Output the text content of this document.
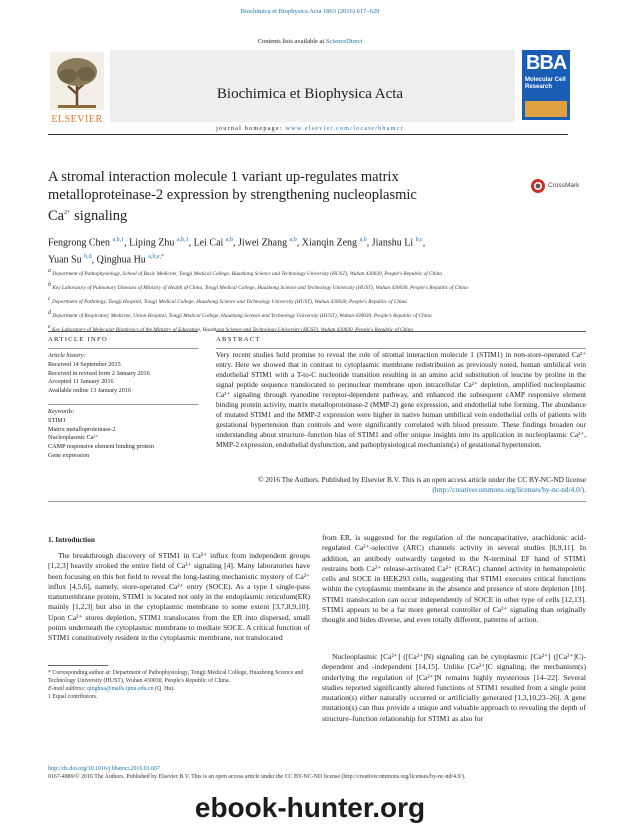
Biochimica et Biophysica Acta 1863 (2016) 617–629
Contents lists available at ScienceDirect
Biochimica et Biophysica Acta
journal homepage: www.elsevier.com/locate/bbamcr
ELSEVIER
BBA
Molecular Cell Research
A stromal interaction molecule 1 variant up-regulates matrix
metalloproteinase-2 expression by strengthening nucleoplasmic
$Ca^{2+}$ signaling
CrossMark
Fengrong Chen $^{a,b,1}$, Liping Zhu $^{a,b,1}$, Lei Cai $^{a,b}$, Jiwei Zhang $^{a,b}$, Xianqin Zeng $^{a,b}$, Jianshu Li $^{b,c}$,
Yuan Su $^{b,d}$, Qinghua Hu $^{a,b,e,*}$
$^a$ Department of Pathophysiology, School of Basic Medicine, Tongji Medical College, Huazhong Science and Technology University (HUST), Wuhan 430030, People's Republic of China
$^b$ Key Laboratory of Pulmonary Diseases of Ministry of Health of China, Tongji Medical College, Huazhong Science and Technology University (HUST), Wuhan 430030, People's Republic of China
$^c$ Department of Pathology, Tongji Hospital, Tongji Medical College, Huazhong Science and Technology University (HUST), Wuhan 430030, People's Republic of China
$^d$ Department of Respiratory Medicine, Union Hospital, Tongji Medical College, Huazhong Science and Technology University (HUST), Wuhan 430030, People's Republic of China
$^e$	Huazhong
ARTICLE INFO
Article history:
Received 14 September 2015
Received in revised form 2 January 2016
Accepted 11 January 2016
Available online 13 January 2016
Keywords:
STIM1
Matrix metalloproteinase-2
Nucleoplasmic Ca²⁺
CAMP responsive element binding protein
Gene expression
ABSTRACT
Very recent studies hold promise to reveal the role of stromal interaction molecule 1 (STIM1) in non-store-operated Ca²⁺ entry. Here we showed that in contrast to cytoplasmic membrane redistribution as previously noted, human umbilical vein endothelial STIM1 with a T-to-C nucleotide transition resulting in an amino acid substitution of leucine by proline in the signal peptide sequence translocated to perinuclear membrane upon intracellular Ca²⁺ depletion, amplified nucleoplasmic Ca²⁺ signaling through ryanodine receptor-dependent pathway, and enhanced the subsequent cAMP responsive element binding protein activity, matrix metalloproteinase-2 (MMP-2) gene expression, and endothelial tube forming. The abundance of mutated STIM1 and the MMP-2 expression were higher in native human umbilical vein endothelial cells of patients with gestational hypertension than controls and were significantly correlated with blood pressure. These findings broaden our understanding about structure–function bias of STIM1 and offer unique insights into its application in nucleoplasmic Ca²⁺, MMP-2 expression, endothelial dysfunction, and pathophysiological mechanism(s) of gestational hypertension.
© 2016 The Authors. Published by Elsevier B.V. This is an open access article under the CC BY-NC-ND license
(http://creativecommons.org/licenses/by-nc-nd/4.0/).
1. Introduction
The breakthrough discovery of STIM1 in Ca²⁺ influx from independent groups [1,2,3] heavily stroked the entire field of Ca²⁺ signaling [4]. Many laboratories have been focusing on this hot field to reveal the long-lasting mechanistic mystery of Ca²⁺ influx [4,5,6], namely, store-operated Ca²⁺ entry (SOCE). As a type I single-pass transmembrane protein, STIM1 is located not only in the endoplasmic reticulum(ER) mainly [1,2,3] but also in the cytoplasmic membrane to some extent [3,7,8,9,10]. Upon Ca²⁺ stores depletion, STIM1 translocates from the ER into dispersed, small points underneath the cytoplasmic membrane to mediate SOCE. A critical function of STIM1 constitutively resident in the cytoplasmic membrane, not translocated
from ER, is suggested for the regulation of the noncapacitative, arachidonic acid-regulated Ca²⁺-selective (ARC) channels activity in several studies [8,9,11]. In addition, an antibody outwardly targeted to the N-terminal EF hand of STIM1 restrains both Ca²⁺ release-activated Ca²⁺ (CRAC) channel activity in hematopoietic cells and SOCE in HEK293 cells, suggesting that STIM1 executes critical functions within the cytoplasmic membrane in the absence and presence of store depletion [10]. STIM1 translocation can occur independently of SOCE in other type of cells [12,13]. STIM1 appears to be a far more general controller of Ca²⁺ signaling than originally thought and hides diverse, and even totally different, patterns of action.
Nucleoplasmic [Ca²⁺] ([Ca²⁺]N) signaling can be cytoplasmic [Ca²⁺] ([Ca²⁺]C)-dependent and -independent [14,15]. Unlike [Ca²⁺]C signaling, the mechanism(s) underlying the regulation of [Ca²⁺]N remains highly mysterious [14–22]. Several studies reported significantly altered functions of STIM1 resulted from a single point mutation(s) either naturally occurred or artificially generated [1,3,10,23–26]. A gene mutation(s) can thus provide a unique and valuable approach to revealing the depth of structure–function relationship for STIM1 as also for
* Corresponding author at: Department of Pathophysiology, Tongji Medical College, Huazhong Science and Technology University (HUST), Wuhan 430030, People's Republic of China.
E-mail address: qinghua@mails.tjmu.edu.cn (Q. Hu).
1 Equal contributors.
http://dx.doi.org/10.1016/j.bbamcr.2016.01.007
0167-4889/© 2016 The Authors. Published by Elsevier B.V. This is an open access article under the CC BY-NC-ND license (http://creativecommons.org/licenses/by-nc-nd/4.0/).
ebook-hunter.org
